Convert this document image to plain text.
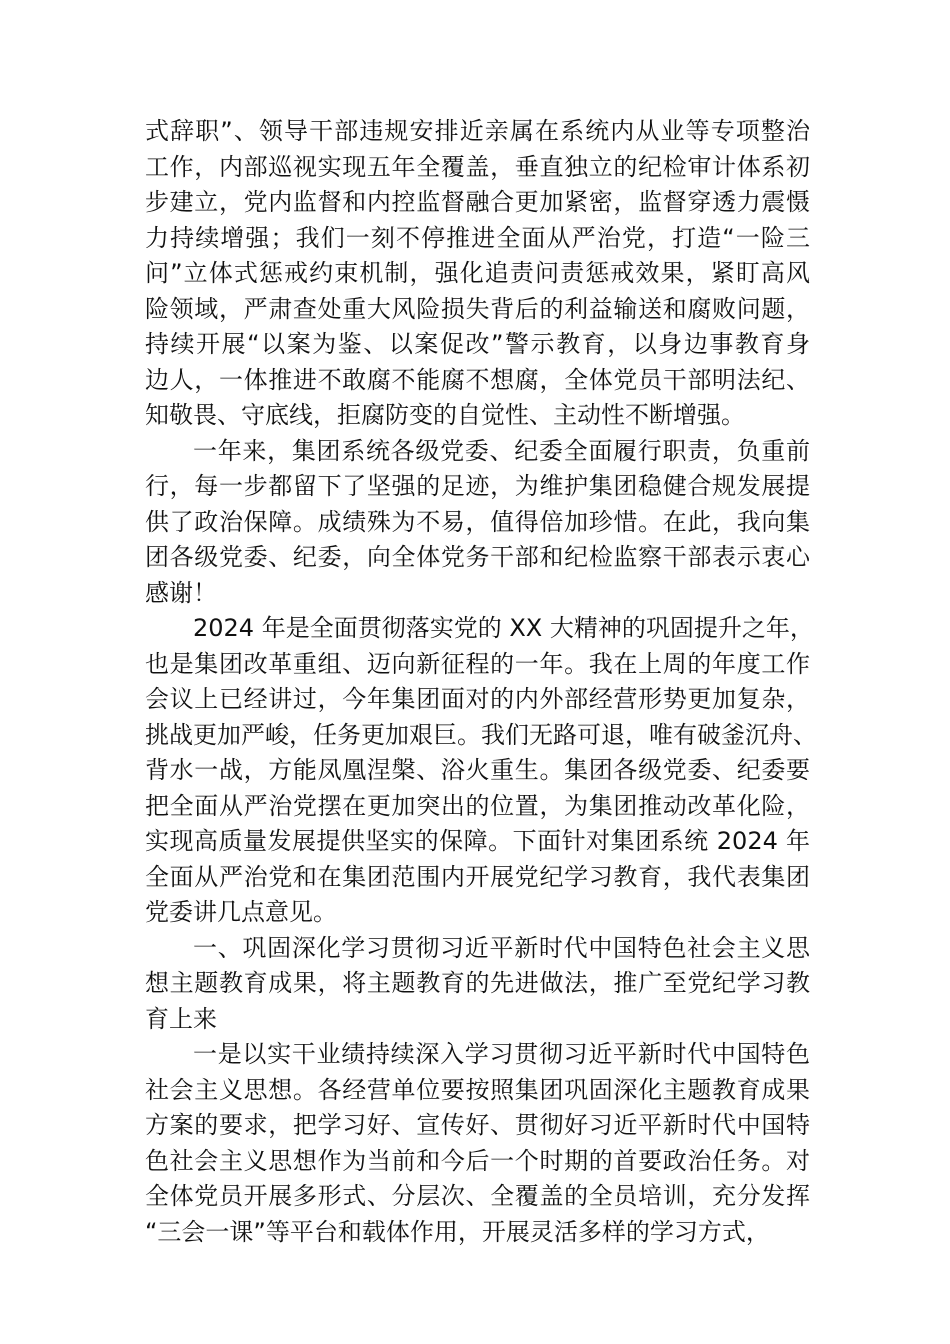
式辞职”、领导干部违规安排近亲属在系统内从业等专项整治
工作，内部巡视实现五年全覆盖，垂直独立的纪检审计体系初
步建立，党内监督和内控监督融合更加紧密，监督穿透力震慑
力持续增强；我们一刻不停推进全面从严治党，打造“一险三
问”立体式惩戒约束机制，强化追责问责惩戒效果，紧盯高风
险领域，严肃查处重大风险损失背后的利益输送和腐败问题，
持续开展“以案为鉴、以案促改”警示教育，以身边事教育身
边人，一体推进不敢腐不能腐不想腐，全体党员干部明法纪、
知敬畏、守底线，拒腐防变的自觉性、主动性不断增强。
一年来，集团系统各级党委、纪委全面履行职责，负重前
行，每一步都留下了坚强的足迹，为维护集团稳健合规发展提
供了政治保障。成绩殊为不易，值得倍加珍惜。在此，我向集
团各级党委、纪委，向全体党务干部和纪检监察干部表示衷心
感谢！
2024 年是全面贯彻落实党的 XX 大精神的巩固提升之年，
也是集团改革重组、迈向新征程的一年。我在上周的年度工作
会议上已经讲过，今年集团面对的内外部经营形势更加复杂，
挑战更加严峻，任务更加艰巨。我们无路可退，唯有破釜沉舟、
背水一战，方能凤凰涅槃、浴火重生。集团各级党委、纪委要
把全面从严治党摆在更加突出的位置，为集团推动改革化险，
实现高质量发展提供坚实的保障。下面针对集团系统 2024 年
全面从严治党和在集团范围内开展党纪学习教育，我代表集团
党委讲几点意见。
一、巩固深化学习贯彻习近平新时代中国特色社会主义思
想主题教育成果，将主题教育的先进做法，推广至党纪学习教
育上来
一是以实干业绩持续深入学习贯彻习近平新时代中国特色
社会主义思想。各经营单位要按照集团巩固深化主题教育成果
方案的要求，把学习好、宣传好、贯彻好习近平新时代中国特
色社会主义思想作为当前和今后一个时期的首要政治任务。对
全体党员开展多形式、分层次、全覆盖的全员培训，充分发挥
“三会一课”等平台和载体作用，开展灵活多样的学习方式，
